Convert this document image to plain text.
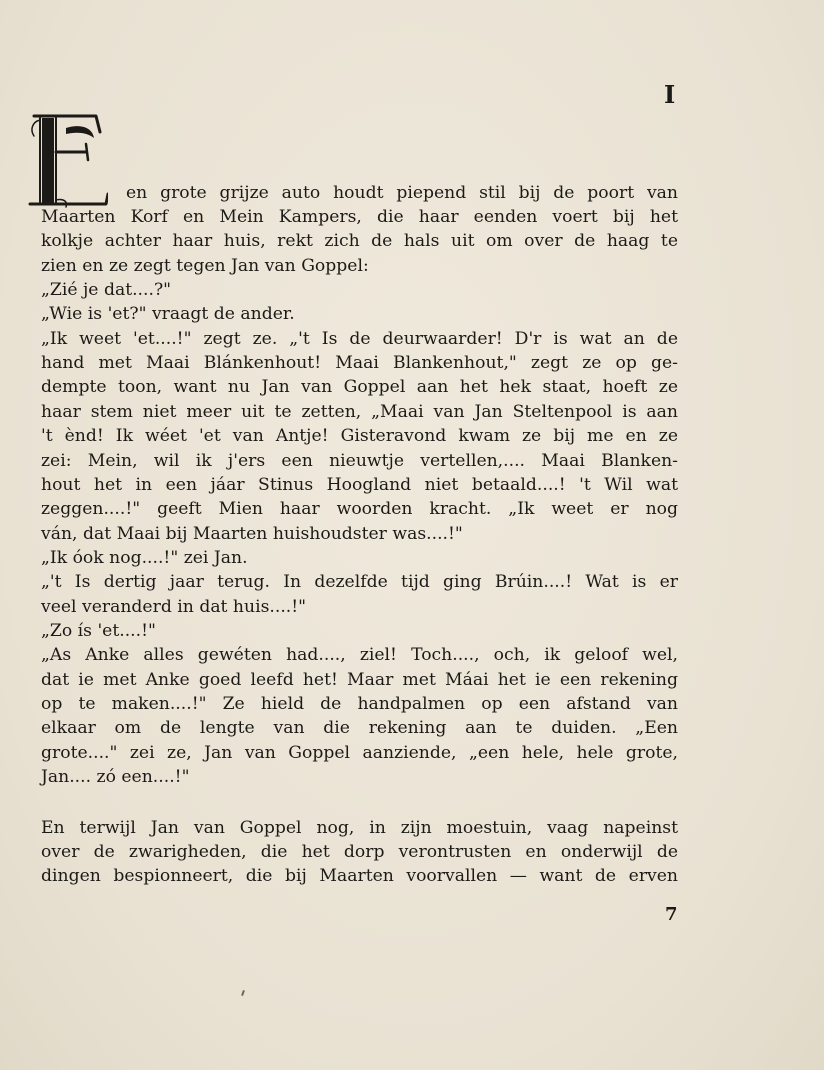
I
en grote grijze auto houdt piepend stil bij de poort van
Maarten Korf en Mein Kampers, die haar eenden voert bij het
kolkje achter haar huis, rekt zich de hals uit om over de haag te
zien en ze zegt tegen Jan van Goppel:
„Zié je dat....?"
„Wie is 'et?" vraagt de ander.
„Ik weet 'et....!" zegt ze. „'t Is de deurwaarder! D'r is wat an de
hand met Maai Blánkenhout! Maai Blankenhout," zegt ze op ge-
dempte toon, want nu Jan van Goppel aan het hek staat, hoeft ze
haar stem niet meer uit te zetten, „Maai van Jan Steltenpool is aan
't ènd! Ik wéet 'et van Antje! Gisteravond kwam ze bij me en ze
zei: Mein, wil ik j'ers een nieuwtje vertellen,.... Maai Blanken-
hout het in een jáar Stinus Hoogland niet betaald....! 't Wil wat
zeggen....!" geeft Mien haar woorden kracht. „Ik weet er nog
ván, dat Maai bij Maarten huishoudster was....!"
„Ik óok nog....!" zei Jan.
„'t Is dertig jaar terug. In dezelfde tijd ging Brúin....! Wat is er
veel veranderd in dat huis....!"
„Zo ís 'et....!"
„As Anke alles gewéten had...., ziel! Toch...., och, ik geloof wel,
dat ie met Anke goed leefd het! Maar met Máai het ie een rekening
op te maken....!" Ze hield de handpalmen op een afstand van
elkaar om de lengte van die rekening aan te duiden. „Een
grote...." zei ze, Jan van Goppel aanziende, „een hele, hele grote,
Jan.... zó een....!"
En terwijl Jan van Goppel nog, in zijn moestuin, vaag napeinst
over de zwarigheden, die het dorp verontrusten en onderwijl de
dingen bespionneert, die bij Maarten voorvallen — want de erven
7
